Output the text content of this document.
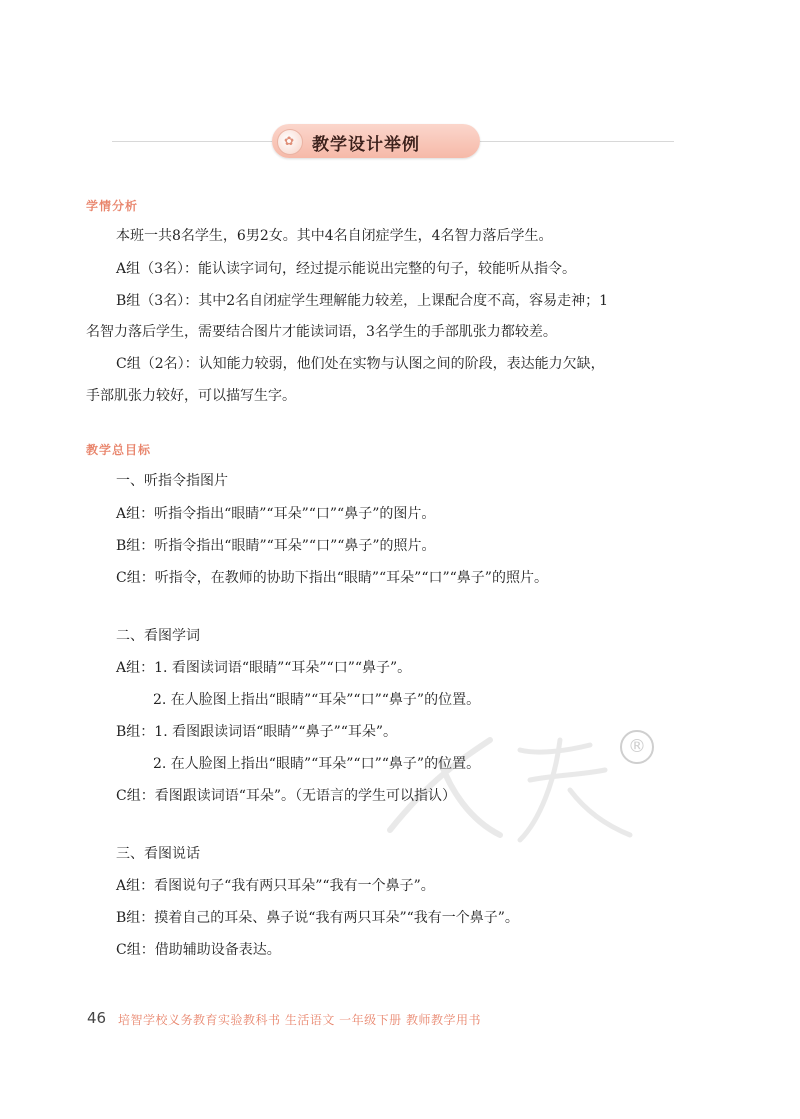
✿ 教学设计举例
学情分析
本班一共8名学生，6男2女。其中4名自闭症学生，4名智力落后学生。
A组（3名）：能认读字词句，经过提示能说出完整的句子，较能听从指令。
B组（3名）：其中2名自闭症学生理解能力较差，上课配合度不高，容易走神；1
名智力落后学生，需要结合图片才能读词语，3名学生的手部肌张力都较差。
C组（2名）：认知能力较弱，他们处在实物与认图之间的阶段，表达能力欠缺，
手部肌张力较好，可以描写生字。
教学总目标
一、听指令指图片
A组：听指令指出“眼睛”“耳朵”“口”“鼻子”的图片。
B组：听指令指出“眼睛”“耳朵”“口”“鼻子”的照片。
C组：听指令，在教师的协助下指出“眼睛”“耳朵”“口”“鼻子”的照片。
二、看图学词
A组：1. 看图读词语“眼睛”“耳朵”“口”“鼻子”。
2. 在人脸图上指出“眼睛”“耳朵”“口”“鼻子”的位置。
B组：1. 看图跟读词语“眼睛”“鼻子”“耳朵”。
2. 在人脸图上指出“眼睛”“耳朵”“口”“鼻子”的位置。
C组：看图跟读词语“耳朵”。（无语言的学生可以指认）
三、看图说话
A组：看图说句子“我有两只耳朵”“我有一个鼻子”。
B组：摸着自己的耳朵、鼻子说“我有两只耳朵”“我有一个鼻子”。
C组：借助辅助设备表达。
®
46 培智学校义务教育实验教科书 生活语文 一年级下册 教师教学用书
